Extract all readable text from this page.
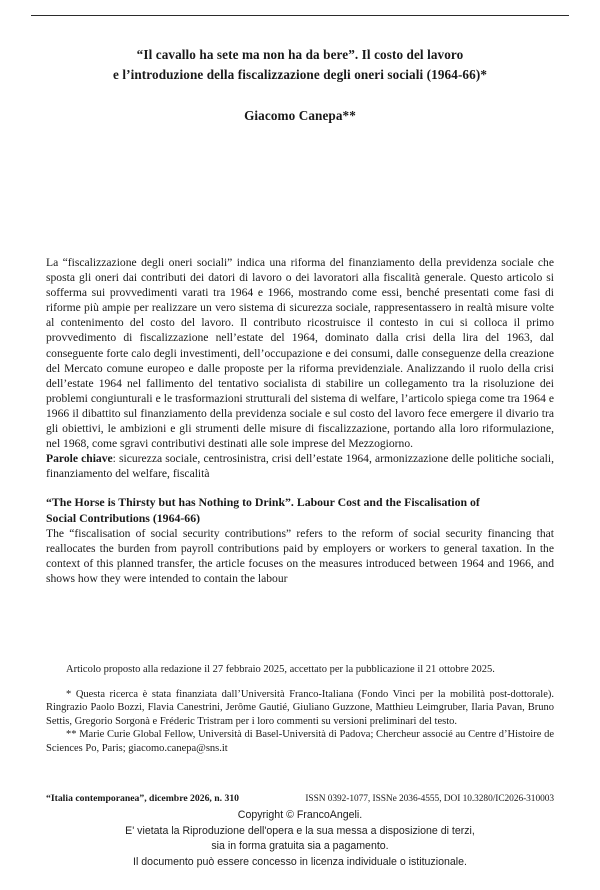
“Il cavallo ha sete ma non ha da bere”. Il costo del lavoro
e l’introduzione della fiscalizzazione degli oneri sociali (1964-66)*
Giacomo Canepa**

La “fiscalizzazione degli oneri sociali” indica una riforma del finanziamento della previdenza sociale che sposta gli oneri dai contributi dei datori di lavoro o dei lavoratori alla fiscalità generale. Questo articolo si sofferma sui provvedimenti varati tra 1964 e 1966, mostrando come essi, benché presentati come fasi di riforme più ampie per realizzare un vero sistema di sicurezza sociale, rappresentassero in realtà misure volte al contenimento del costo del lavoro. Il contributo ricostruisce il contesto in cui si colloca il primo provvedimento di fiscalizzazione nell’estate del 1964, dominato dalla crisi della lira del 1963, dal conseguente forte calo degli investimenti, dell’occupazione e dei consumi, dalle conseguenze della creazione del Mercato comune europeo e dalle proposte per la riforma previdenziale. Analizzando il ruolo della crisi dell’estate 1964 nel fallimento del tentativo socialista di stabilire un collegamento tra la risoluzione dei problemi congiunturali e le trasformazioni strutturali del sistema di welfare, l’articolo spiega come tra 1964 e 1966 il dibattito sul finanziamento della previdenza sociale e sul costo del lavoro fece emergere il divario tra gli obiettivi, le ambizioni e gli strumenti delle misure di fiscalizzazione, portando alla loro riformulazione, nel 1968, come sgravi contributivi destinati alle sole imprese del Mezzogiorno.

Parole chiave: sicurezza sociale, centrosinistra, crisi dell’estate 1964, armonizzazione delle politiche sociali, finanziamento del welfare, fiscalità

“The Horse is Thirsty but has Nothing to Drink”. Labour Cost and the Fiscalisation of
Social Contributions (1964-66)

The “fiscalisation of social security contributions” refers to the reform of social security financing that reallocates the burden from payroll contributions paid by employers or workers to general taxation. In the context of this planned transfer, the article focuses on the measures introduced between 1964 and 1966, and shows how they were intended to contain the labour

Articolo proposto alla redazione il 27 febbraio 2025, accettato per la pubblicazione il 21 ottobre 2025.

* Questa ricerca è stata finanziata dall’Università Franco-Italiana (Fondo Vinci per la mobilità post-dottorale). Ringrazio Paolo Bozzi, Flavia Canestrini, Jerôme Gautié, Giuliano Guzzone, Matthieu Leimgruber, Ilaria Pavan, Bruno Settis, Gregorio Sorgonà e Fréderic Tristram per i loro commenti su versioni preliminari del testo.

** Marie Curie Global Fellow, Università di Basel-Università di Padova; Chercheur associé au Centre d’Histoire de Sciences Po, Paris; giacomo.canepa@sns.it

“Italia contemporanea”, dicembre 2026, n. 310	ISSN 0392-1077, ISSNe 2036-4555, DOI 10.3280/IC2026-310003
Copyright © FrancoAngeli.
E' vietata la Riproduzione dell'opera e la sua messa a disposizione di terzi,
sia in forma gratuita sia a pagamento.
Il documento può essere concesso in licenza individuale o istituzionale.
